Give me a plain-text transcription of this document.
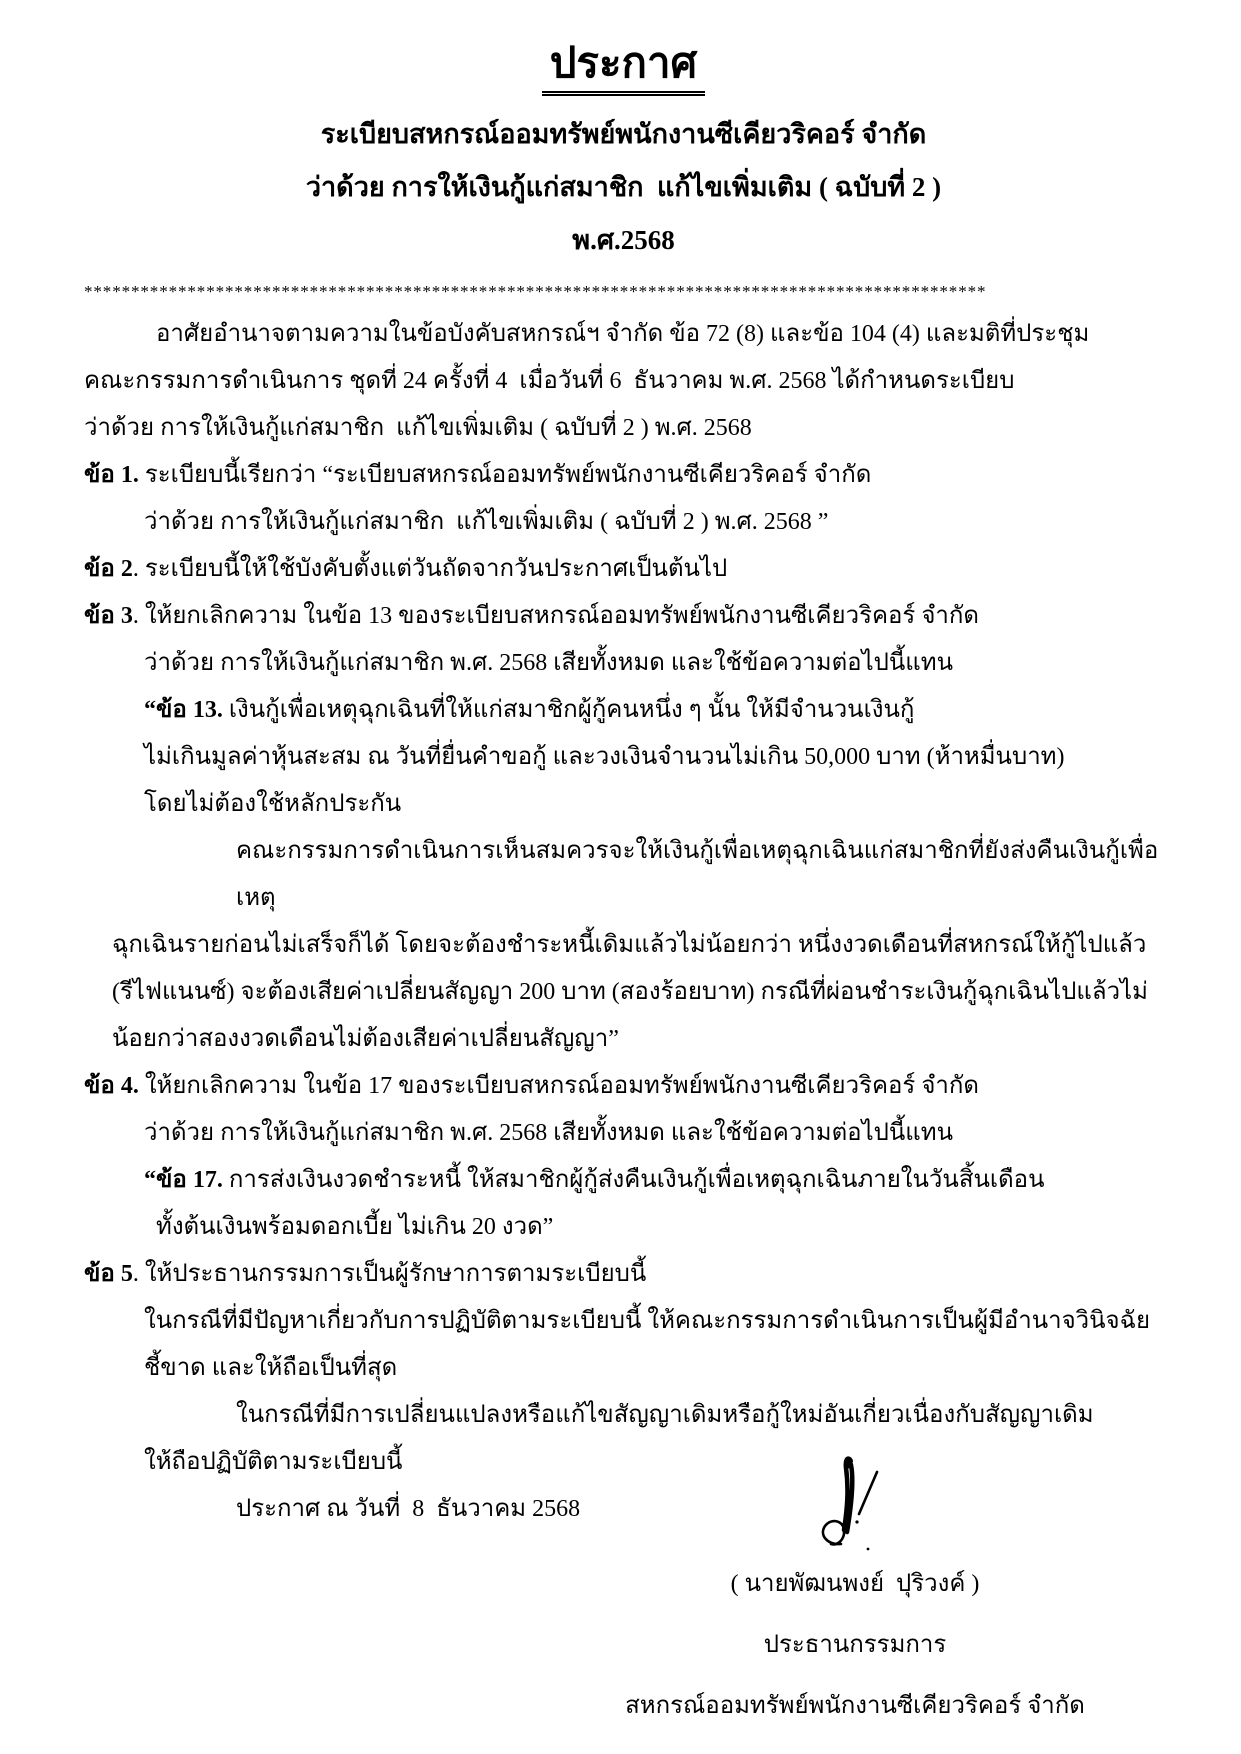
ประกาศ
ระเบียบสหกรณ์ออมทรัพย์พนักงานซีเคียวริคอร์ จำกัด
ว่าด้วย การให้เงินกู้แก่สมาชิก  แก้ไขเพิ่มเติม ( ฉบับที่ 2 )
พ.ศ.2568
************************************************************************************************
อาศัยอำนาจตามความในข้อบังคับสหกรณ์ฯ จำกัด ข้อ 72 (8) และข้อ 104 (4) และมติที่ประชุม
คณะกรรมการดำเนินการ ชุดที่ 24 ครั้งที่ 4  เมื่อวันที่ 6  ธันวาคม พ.ศ. 2568 ได้กำหนดระเบียบ
ว่าด้วย การให้เงินกู้แก่สมาชิก  แก้ไขเพิ่มเติม ( ฉบับที่ 2 ) พ.ศ. 2568
ข้อ 1. ระเบียบนี้เรียกว่า “ระเบียบสหกรณ์ออมทรัพย์พนักงานซีเคียวริคอร์ จำกัด
ว่าด้วย การให้เงินกู้แก่สมาชิก  แก้ไขเพิ่มเติม ( ฉบับที่ 2 ) พ.ศ. 2568 ”
ข้อ 2. ระเบียบนี้ให้ใช้บังคับตั้งแต่วันถัดจากวันประกาศเป็นต้นไป
ข้อ 3. ให้ยกเลิกความ ในข้อ 13 ของระเบียบสหกรณ์ออมทรัพย์พนักงานซีเคียวริคอร์ จำกัด
ว่าด้วย การให้เงินกู้แก่สมาชิก พ.ศ. 2568 เสียทั้งหมด และใช้ข้อความต่อไปนี้แทน
“ข้อ 13. เงินกู้เพื่อเหตุฉุกเฉินที่ให้แก่สมาชิกผู้กู้คนหนึ่ง ๆ นั้น ให้มีจำนวนเงินกู้
ไม่เกินมูลค่าหุ้นสะสม ณ วันที่ยื่นคำขอกู้ และวงเงินจำนวนไม่เกิน 50,000 บาท (ห้าหมื่นบาท)
โดยไม่ต้องใช้หลักประกัน
คณะกรรมการดำเนินการเห็นสมควรจะให้เงินกู้เพื่อเหตุฉุกเฉินแก่สมาชิกที่ยังส่งคืนเงินกู้เพื่อเหตุ
ฉุกเฉินรายก่อนไม่เสร็จก็ได้ โดยจะต้องชำระหนี้เดิมแล้วไม่น้อยกว่า หนึ่งงวดเดือนที่สหกรณ์ให้กู้ไปแล้ว
(รีไฟแนนซ์) จะต้องเสียค่าเปลี่ยนสัญญา 200 บาท (สองร้อยบาท) กรณีที่ผ่อนชำระเงินกู้ฉุกเฉินไปแล้วไม่
น้อยกว่าสองงวดเดือนไม่ต้องเสียค่าเปลี่ยนสัญญา”
ข้อ 4. ให้ยกเลิกความ ในข้อ 17 ของระเบียบสหกรณ์ออมทรัพย์พนักงานซีเคียวริคอร์ จำกัด
ว่าด้วย การให้เงินกู้แก่สมาชิก พ.ศ. 2568 เสียทั้งหมด และใช้ข้อความต่อไปนี้แทน
“ข้อ 17. การส่งเงินงวดชำระหนี้ ให้สมาชิกผู้กู้ส่งคืนเงินกู้เพื่อเหตุฉุกเฉินภายในวันสิ้นเดือน
ทั้งต้นเงินพร้อมดอกเบี้ย ไม่เกิน 20 งวด”
ข้อ 5. ให้ประธานกรรมการเป็นผู้รักษาการตามระเบียบนี้
ในกรณีที่มีปัญหาเกี่ยวกับการปฏิบัติตามระเบียบนี้ ให้คณะกรรมการดำเนินการเป็นผู้มีอำนาจวินิจฉัย
ชี้ขาด และให้ถือเป็นที่สุด
ในกรณีที่มีการเปลี่ยนแปลงหรือแก้ไขสัญญาเดิมหรือกู้ใหม่อันเกี่ยวเนื่องกับสัญญาเดิม
ให้ถือปฏิบัติตามระเบียบนี้
ประกาศ ณ วันที่  8  ธันวาคม 2568
( นายพัฒนพงย์  ปุริวงค์ )
ประธานกรรมการ
สหกรณ์ออมทรัพย์พนักงานซีเคียวริคอร์ จำกัด
